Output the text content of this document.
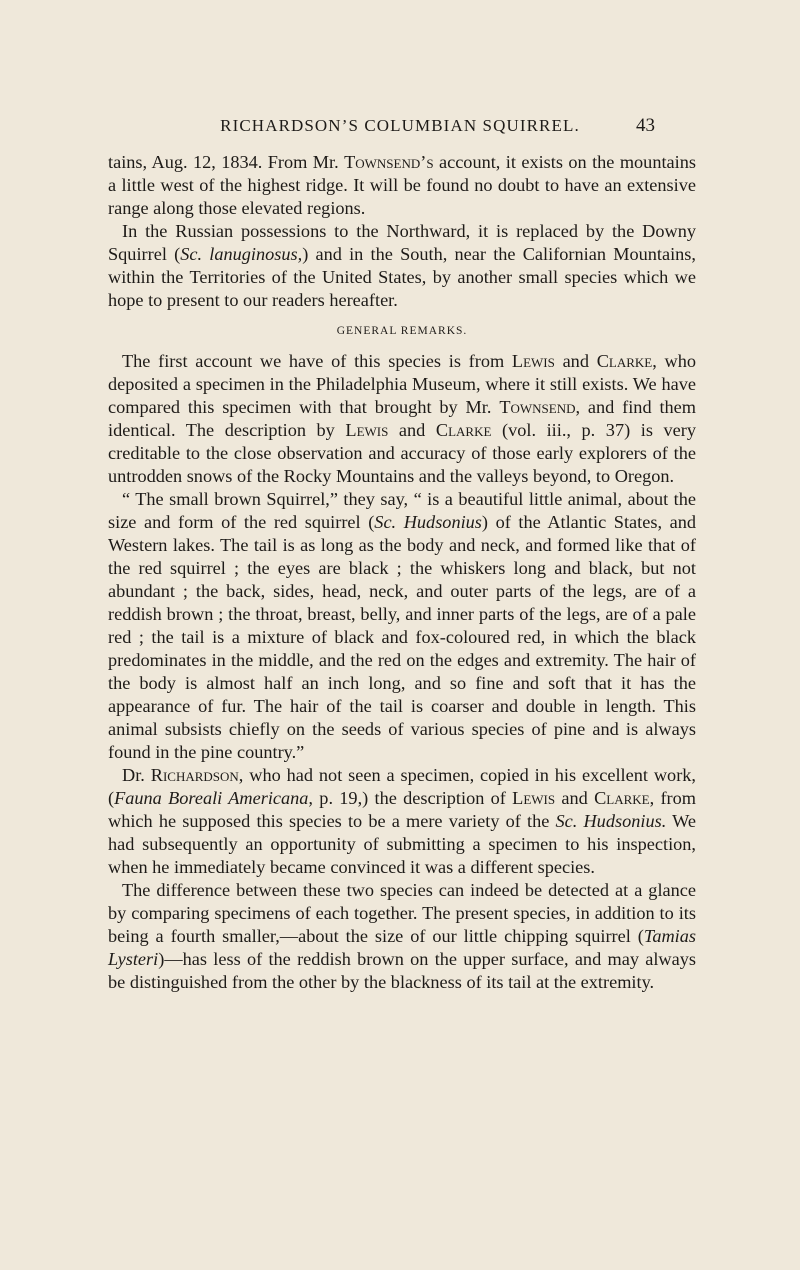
RICHARDSON’S COLUMBIAN SQUIRREL.	43

tains, Aug. 12, 1834. From Mr. Townsend’s account, it exists on the mountains a little west of the highest ridge. It will be found no doubt to have an extensive range along those elevated regions.

In the Russian possessions to the Northward, it is replaced by the Downy Squirrel (Sc. lanuginosus,) and in the South, near the Californian Mountains, within the Territories of the United States, by another small species which we hope to present to our readers hereafter.

GENERAL REMARKS.

The first account we have of this species is from Lewis and Clarke, who deposited a specimen in the Philadelphia Museum, where it still exists. We have compared this specimen with that brought by Mr. Townsend, and find them identical. The description by Lewis and Clarke (vol. iii., p. 37) is very creditable to the close observation and accuracy of those early explorers of the untrodden snows of the Rocky Mountains and the valleys beyond, to Oregon.

“ The small brown Squirrel,” they say, “ is a beautiful little animal, about the size and form of the red squirrel (Sc. Hudsonius) of the Atlantic States, and Western lakes. The tail is as long as the body and neck, and formed like that of the red squirrel ; the eyes are black ; the whiskers long and black, but not abundant ; the back, sides, head, neck, and outer parts of the legs, are of a reddish brown ; the throat, breast, belly, and inner parts of the legs, are of a pale red ; the tail is a mixture of black and fox-coloured red, in which the black predominates in the middle, and the red on the edges and extremity. The hair of the body is almost half an inch long, and so fine and soft that it has the appearance of fur. The hair of the tail is coarser and double in length. This animal subsists chiefly on the seeds of various species of pine and is always found in the pine country.”

Dr. Richardson, who had not seen a specimen, copied in his excellent work, (Fauna Boreali Americana, p. 19,) the description of Lewis and Clarke, from which he supposed this species to be a mere variety of the Sc. Hudsonius. We had subsequently an opportunity of submitting a specimen to his inspection, when he immediately became convinced it was a different species.

The difference between these two species can indeed be detected at a glance by comparing specimens of each together. The present species, in addition to its being a fourth smaller,—about the size of our little chipping squirrel (Tamias Lysteri)—has less of the reddish brown on the upper surface, and may always be distinguished from the other by the blackness of its tail at the extremity.
